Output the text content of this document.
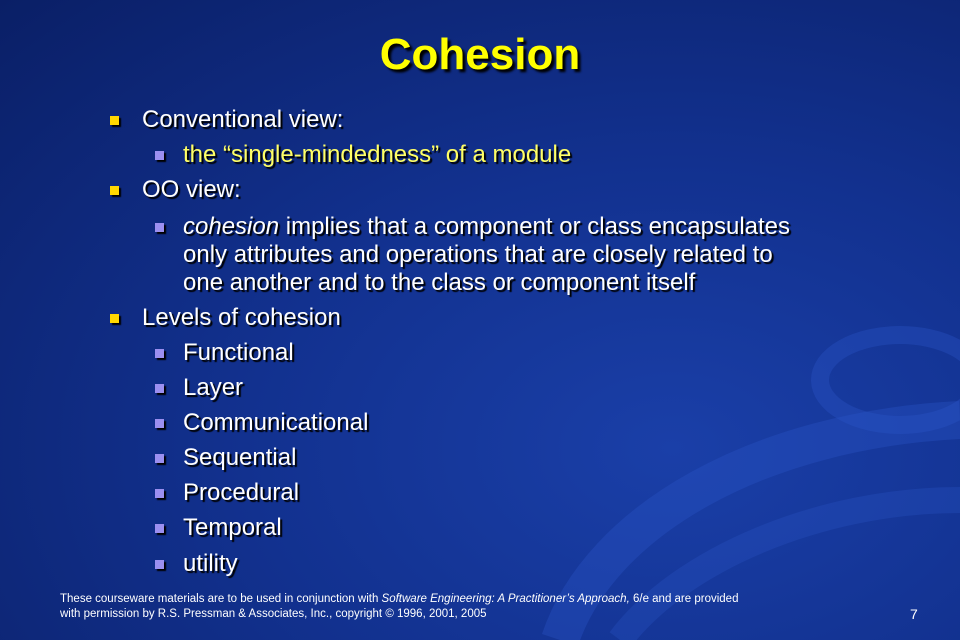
Cohesion
Conventional view:
the “single-mindedness” of a module
OO view:
cohesion implies that a component or class encapsulates
only attributes and operations that are closely related to
one another and to the class or component itself
Levels of cohesion
Functional
Layer
Communicational
Sequential
Procedural
Temporal
utility
These courseware materials are to be used in conjunction with Software Engineering: A Practitioner’s Approach, 6/e and are provided
with permission by R.S. Pressman & Associates, Inc., copyright © 1996, 2001, 2005	7
